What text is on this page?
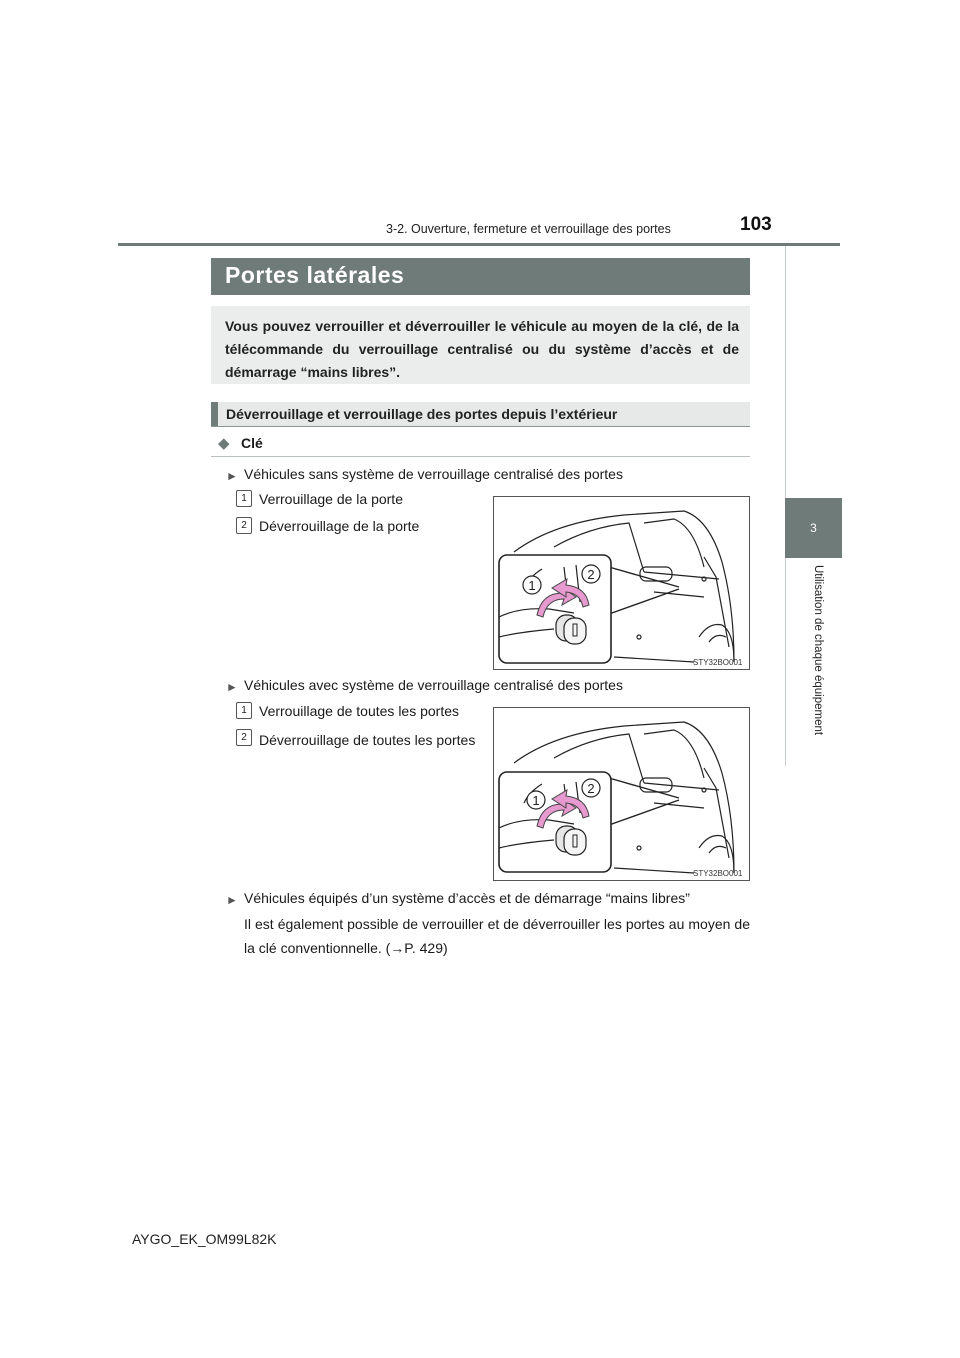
3-2. Ouverture, fermeture et verrouillage des portes	103
3
Utilisation de chaque équipement
Portes latérales
Vous pouvez verrouiller et déverrouiller le véhicule au moyen de la clé, de la télécommande du verrouillage centralisé ou du système d’accès et de démarrage “mains libres”.
Déverrouillage et verrouillage des portes depuis l’extérieur
◆ Clé
► Véhicules sans système de verrouillage centralisé des portes
1 Verrouillage de la porte
2 Déverrouillage de la porte
1
2
STY32BO001
► Véhicules avec système de verrouillage centralisé des portes
1 Verrouillage de toutes les portes
2 Déverrouillage de toutes les portes
1
2
STY32BO001
► Véhicules équipés d’un système d’accès et de démarrage “mains libres”
Il est également possible de verrouiller et de déverrouiller les portes au moyen de la clé conventionnelle. (→P. 429)
AYGO_EK_OM99L82K
